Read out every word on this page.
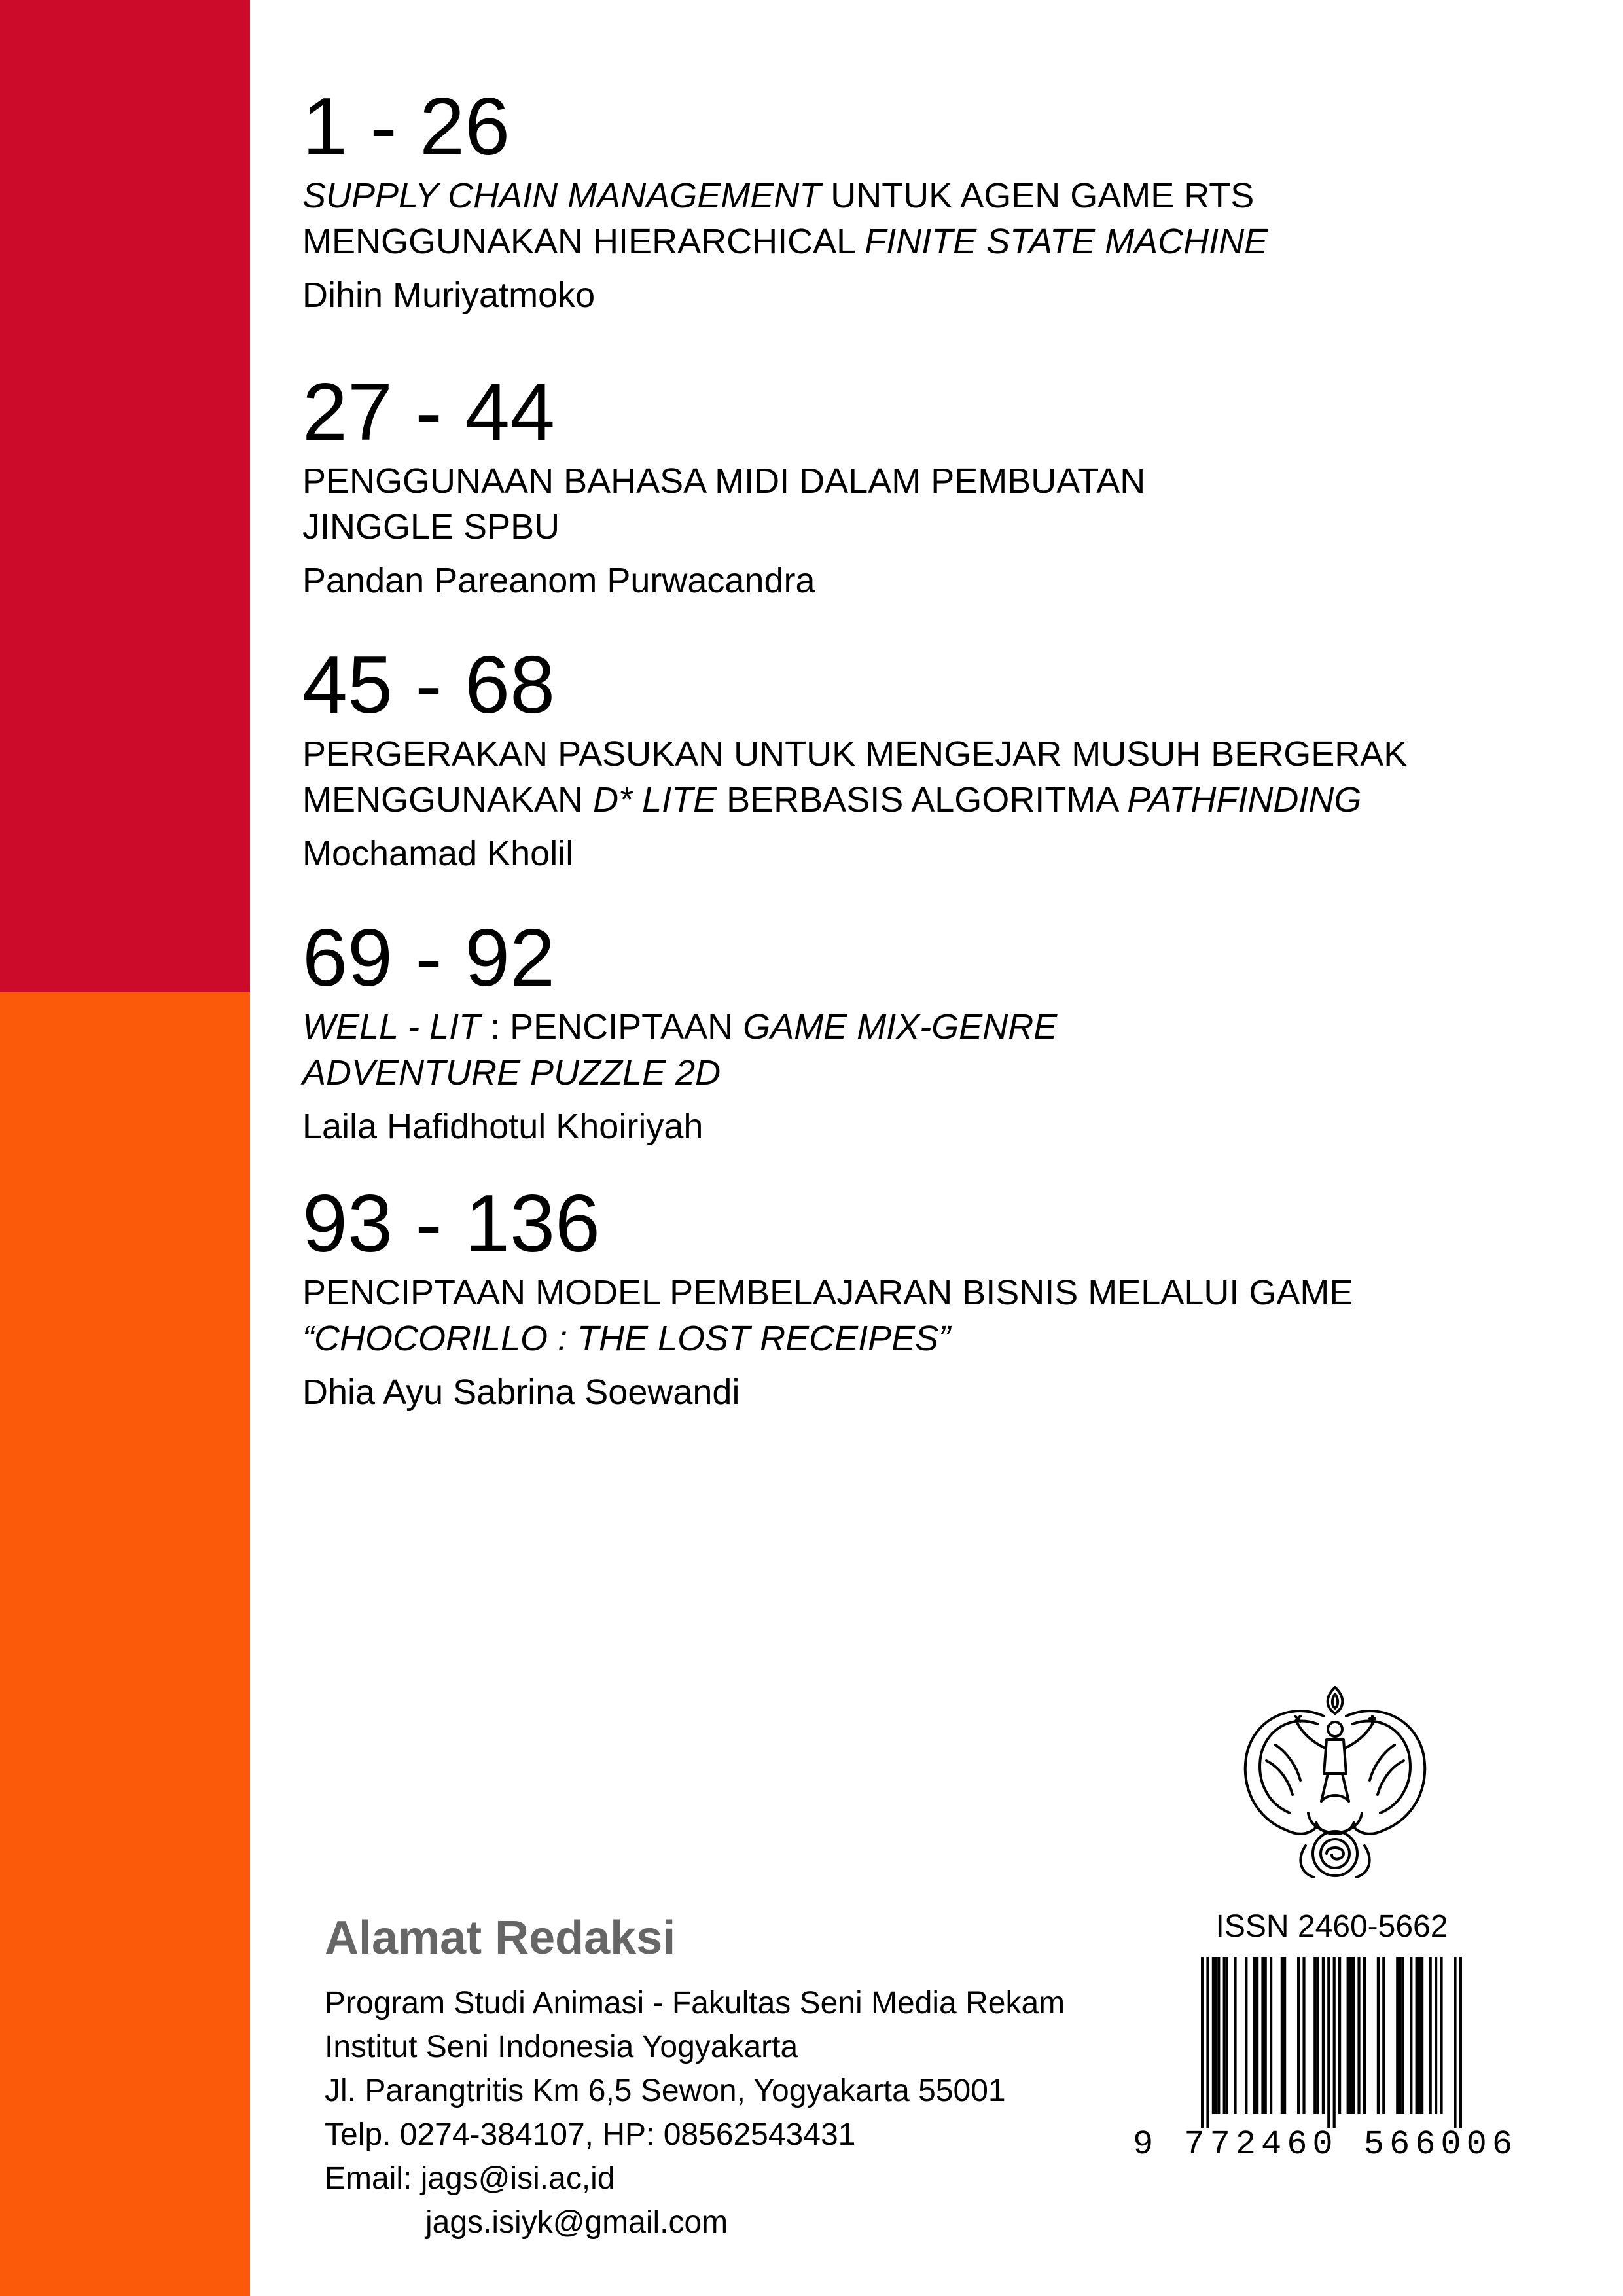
1 - 26
SUPPLY CHAIN MANAGEMENT UNTUK AGEN GAME RTS
MENGGUNAKAN HIERARCHICAL FINITE STATE MACHINE
Dihin Muriyatmoko
27 - 44
PENGGUNAAN BAHASA MIDI DALAM PEMBUATAN
JINGGLE SPBU
Pandan Pareanom Purwacandra
45 - 68
PERGERAKAN PASUKAN UNTUK MENGEJAR MUSUH BERGERAK
MENGGUNAKAN D* LITE BERBASIS ALGORITMA PATHFINDING
Mochamad Kholil
69 - 92
WELL - LIT : PENCIPTAAN GAME MIX-GENRE
ADVENTURE PUZZLE 2D
Laila Hafidhotul Khoiriyah
93 - 136
PENCIPTAAN MODEL PEMBELAJARAN BISNIS MELALUI GAME
“CHOCORILLO : THE LOST RECEIPES”
Dhia Ayu Sabrina Soewandi
Alamat Redaksi
Program Studi Animasi - Fakultas Seni Media Rekam
Institut Seni Indonesia Yogyakarta
Jl. Parangtritis Km 6,5 Sewon, Yogyakarta 55001
Telp. 0274-384107, HP: 08562543431
Email: jags@isi.ac,id
jags.isiyk@gmail.com
ISSN 2460-5662
9 772460 566006
